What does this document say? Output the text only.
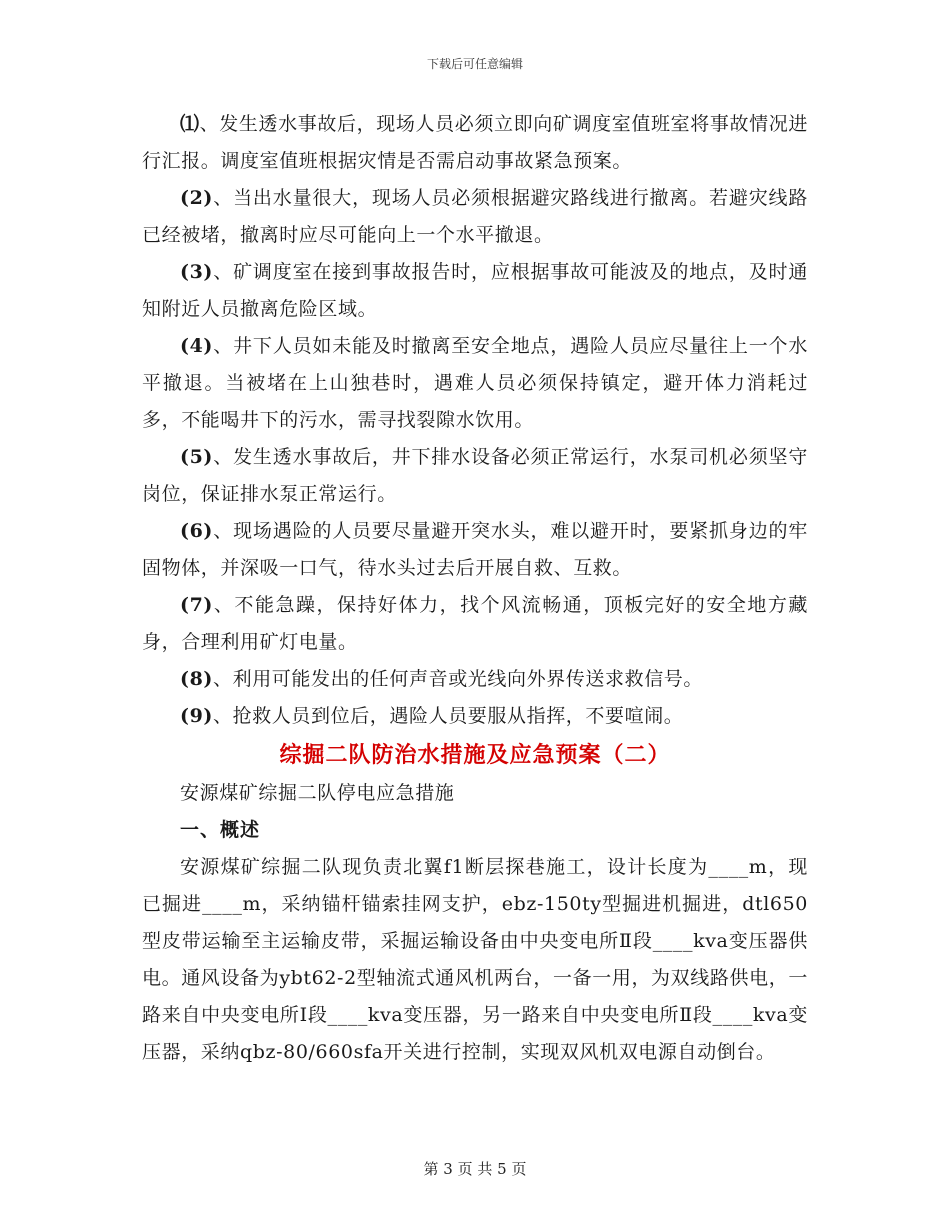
下载后可任意编辑

⑴、发生透水事故后，现场人员必须立即向矿调度室值班室将事故情况进行汇报。调度室值班根据灾情是否需启动事故紧急预案。

(2)、当出水量很大，现场人员必须根据避灾路线进行撤离。若避灾线路已经被堵，撤离时应尽可能向上一个水平撤退。

(3)、矿调度室在接到事故报告时，应根据事故可能波及的地点，及时通知附近人员撤离危险区域。

(4)、井下人员如未能及时撤离至安全地点，遇险人员应尽量往上一个水平撤退。当被堵在上山独巷时，遇难人员必须保持镇定，避开体力消耗过多，不能喝井下的污水，需寻找裂隙水饮用。

(5)、发生透水事故后，井下排水设备必须正常运行，水泵司机必须坚守岗位，保证排水泵正常运行。

(6)、现场遇险的人员要尽量避开突水头，难以避开时，要紧抓身边的牢固物体，并深吸一口气，待水头过去后开展自救、互救。

(7)、不能急躁，保持好体力，找个风流畅通，顶板完好的安全地方藏身，合理利用矿灯电量。

(8)、利用可能发出的任何声音或光线向外界传送求救信号。

(9)、抢救人员到位后，遇险人员要服从指挥，不要喧闹。

综掘二队防治水措施及应急预案（二）

安源煤矿综掘二队停电应急措施

一、概述

安源煤矿综掘二队现负责北翼f1断层探巷施工，设计长度为____m，现已掘进____m，采纳锚杆锚索挂网支护，ebz-150ty型掘进机掘进，dtl650型皮带运输至主运输皮带，采掘运输设备由中央变电所Ⅱ段____kva变压器供电。通风设备为ybt62-2型轴流式通风机两台，一备一用，为双线路供电，一路来自中央变电所Ⅰ段____kva变压器，另一路来自中央变电所Ⅱ段____kva变压器，采纳qbz-80/660sfa开关进行控制，实现双风机双电源自动倒台。

第 3 页 共 5 页
